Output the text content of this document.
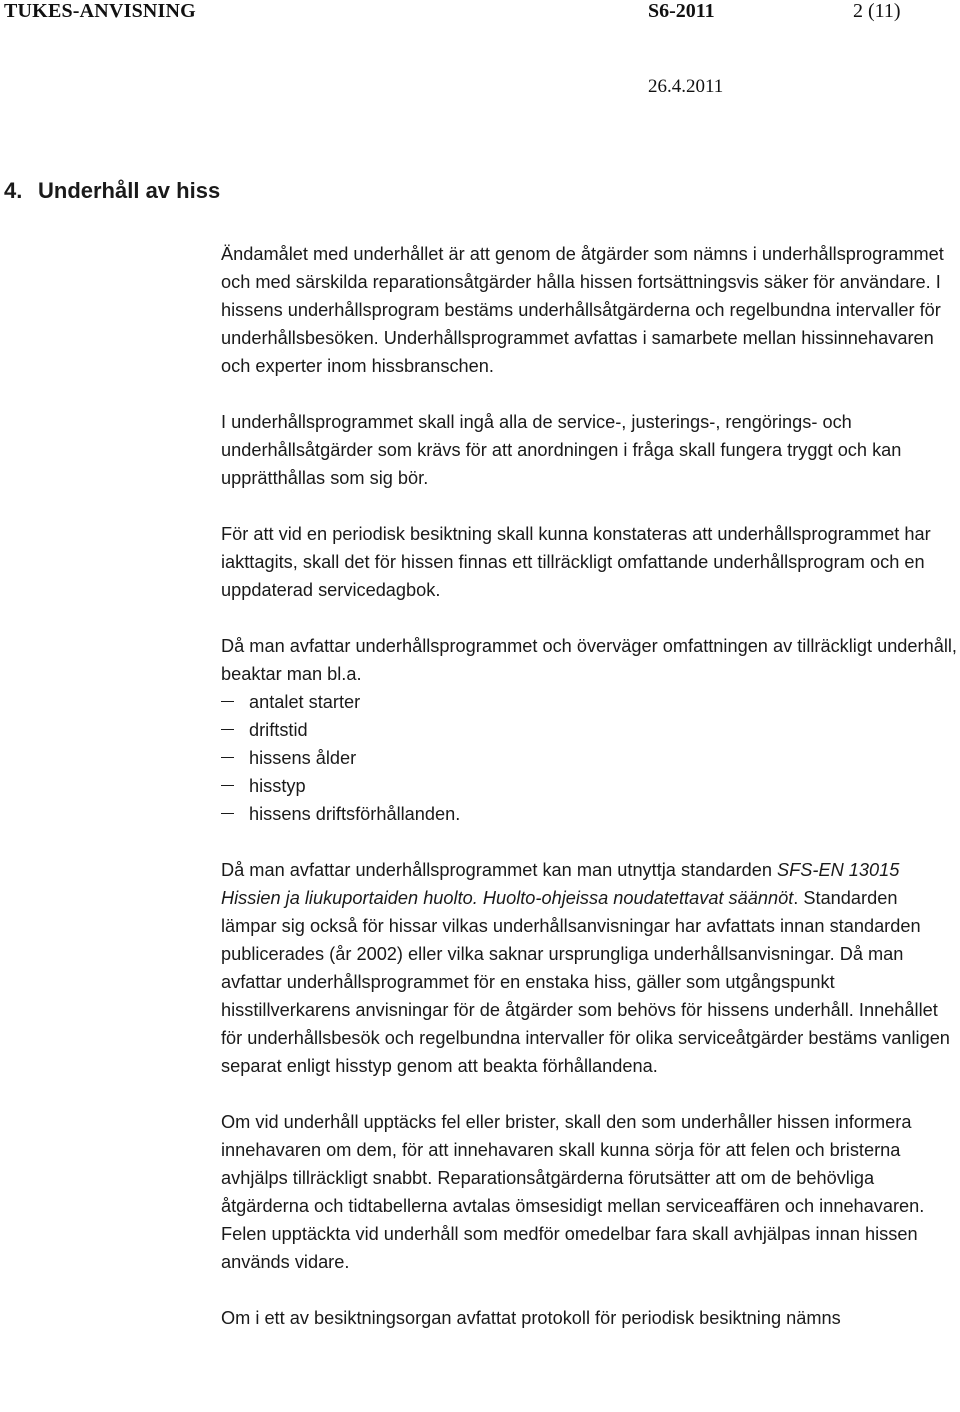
TUKES-ANVISNING	S6-2011	2 (11)
26.4.2011
4. Underhåll av hiss

Ändamålet med underhållet är att genom de åtgärder som nämns i underhållsprogrammet och med särskilda reparationsåtgärder hålla hissen fortsättningsvis säker för användare. I hissens underhållsprogram bestäms underhållsåtgärderna och regelbundna intervaller för underhållsbesöken. Underhållsprogrammet avfattas i samarbete mellan hissinnehavaren och experter inom hissbranschen.

I underhållsprogrammet skall ingå alla de service-, justerings-, rengörings- och underhållsåtgärder som krävs för att anordningen i fråga skall fungera tryggt och kan upprätthållas som sig bör.

För att vid en periodisk besiktning skall kunna konstateras att underhållsprogrammet har iakttagits, skall det för hissen finnas ett tillräckligt omfattande underhållsprogram och en uppdaterad servicedagbok.

Då man avfattar underhållsprogrammet och överväger omfattningen av tillräckligt underhåll, beaktar man bl.a.
antalet starter
driftstid
hissens ålder
hisstyp
hissens driftsförhållanden.

Då man avfattar underhållsprogrammet kan man utnyttja standarden SFS-EN 13015 Hissien ja liukuportaiden huolto. Huolto-ohjeissa noudatettavat säännöt. Standarden lämpar sig också för hissar vilkas underhållsanvisningar har avfattats innan standarden publicerades (år 2002) eller vilka saknar ursprungliga underhållsanvisningar. Då man avfattar underhållsprogrammet för en enstaka hiss, gäller som utgångspunkt hisstillverkarens anvisningar för de åtgärder som behövs för hissens underhåll. Innehållet för underhållsbesök och regelbundna intervaller för olika serviceåtgärder bestäms vanligen separat enligt hisstyp genom att beakta förhållandena.

Om vid underhåll upptäcks fel eller brister, skall den som underhåller hissen informera innehavaren om dem, för att innehavaren skall kunna sörja för att felen och bristerna avhjälps tillräckligt snabbt. Reparationsåtgärderna förutsätter att om de behövliga åtgärderna och tidtabellerna avtalas ömsesidigt mellan serviceaffären och innehavaren. Felen upptäckta vid underhåll som medför omedelbar fara skall avhjälpas innan hissen används vidare.

Om i ett av besiktningsorgan avfattat protokoll för periodisk besiktning nämns
